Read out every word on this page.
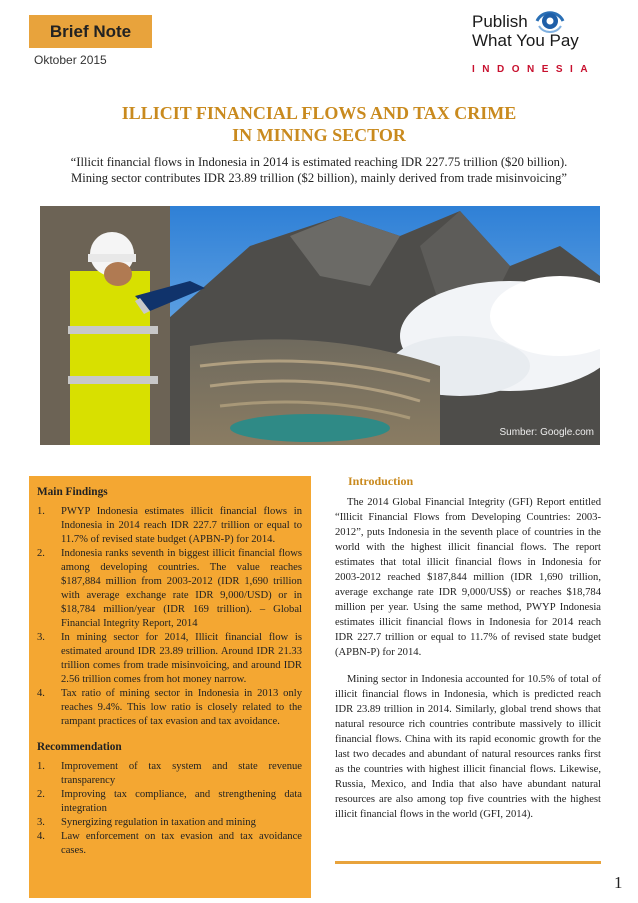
Brief Note
Oktober 2015
Publish
What You Pay
INDONESIA
ILLICIT FINANCIAL FLOWS AND TAX CRIME
IN MINING SECTOR
“Illicit financial flows in Indonesia in 2014 is estimated reaching IDR 227.75 trillion ($20 billion). Mining sector contributes IDR 23.89 trillion ($2 billion), mainly derived from trade misinvoicing”
Sumber: Google.com
Main Findings
1. PWYP Indonesia estimates illicit financial flows in Indonesia in 2014 reach IDR 227.7 trillion or equal to 11.7% of revised state budget (APBN-P) for 2014.
2. Indonesia ranks seventh in biggest illicit financial flows among developing countries. The value reaches $187,884 million from 2003-2012 (IDR 1,690 trillion with average exchange rate IDR 9,000/USD) or in $18,784 million/year (IDR 169 trillion). – Global Financial Integrity Report, 2014
3. In mining sector for 2014, Illicit financial flow is estimated around IDR 23.89 trillion. Around IDR 21.33 trillion comes from trade misinvoicing, and around IDR 2.56 trillion comes from hot money narrow.
4. Tax ratio of mining sector in Indonesia in 2013 only reaches 9.4%. This low ratio is closely related to the rampant practices of tax evasion and tax avoidance.
Recommendation
1. Improvement of tax system and state revenue transparency
2. Improving tax compliance, and strengthening data integration
3. Synergizing regulation in taxation and mining
4. Law enforcement on tax evasion and tax avoidance cases.
Introduction

The 2014 Global Financial Integrity (GFI) Report entitled “Illicit Financial Flows from Developing Countries: 2003-2012”, puts Indonesia in the seventh place of countries in the world with the highest illicit financial flows. The report estimates that total illicit financial flows in Indonesia for 2003-2012 reached $187,844 million (IDR 1,690 trillion, average exchange rate IDR 9,000/US$) or reaches $18,784 million per year. Using the same method, PWYP Indonesia estimates illicit financial flows in Indonesia for 2014 reach IDR 227.7 trillion or equal to 11.7% of revised state budget (APBN-P) for 2014.

Mining sector in Indonesia accounted for 10.5% of total of illicit financial flows in Indonesia, which is predicted reach IDR 23.89 trillion in 2014. Similarly, global trend shows that natural resource rich countries contribute massively to illicit financial flows. China with its rapid economic growth for the last two decades and abundant of natural resources ranks first as the countries with highest illicit financial flows. Likewise, Russia, Mexico, and India that also have abundant natural resources are also among top five countries with the highest illicit financial flows in the world (GFI, 2014).

1
